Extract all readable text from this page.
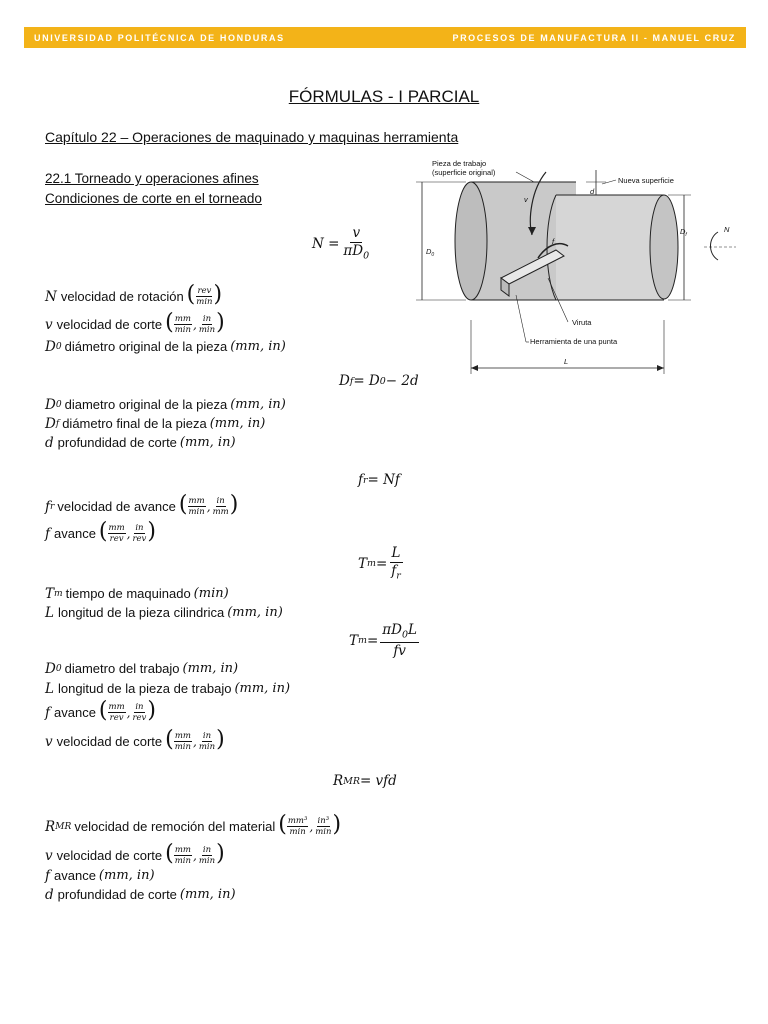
UNIVERSIDAD POLITÉCNICA DE HONDURAS	PROCESOS DE MANUFACTURA II - MANUEL CRUZ
FÓRMULAS - I PARCIAL
Capítulo 22 – Operaciones de maquinado y maquinas herramienta
22.1 Torneado y operaciones afines
Condiciones de corte en el torneado
Pieza de trabajo
(superficie original)
Nueva superficie
Viruta
Herramienta de una punta
v
d
f
$D_0$
$D_f$
N
L
$N = \frac{v}{\pi D_0}$
N velocidad de rotación ( rev
min )
v velocidad de corte ( mm
min , in
min )
D 0 diámetro original de la pieza (mm, in)
D f = D 0 − 2d
f r = Nf
T $m = \frac{L}{f_r}$
T $m = \frac{\pi D_0L}{fv}$
R MR = vfd
D 0 diametro original de la pieza (mm, in)
D f diámetro final de la pieza (mm, in)
d profundidad de corte (mm, in)
f r velocidad de avance ( mm
min , in
mm )
f avance ( mm
rev , in
rev )
T m tiempo de maquinado (min)
L longitud de la pieza cilindrica (mm, in)
D 0 diametro del trabajo (mm, in)
L longitud de la pieza de trabajo (mm, in)
f avance ( mm
rev , in
rev )
v velocidad de corte ( mm
min , in
min )
R MR velocidad de remoción del material ( mm³
min , in³
min )
v velocidad de corte ( mm
min , in
min )
f avance (mm, in)
d profundidad de corte (mm, in)
